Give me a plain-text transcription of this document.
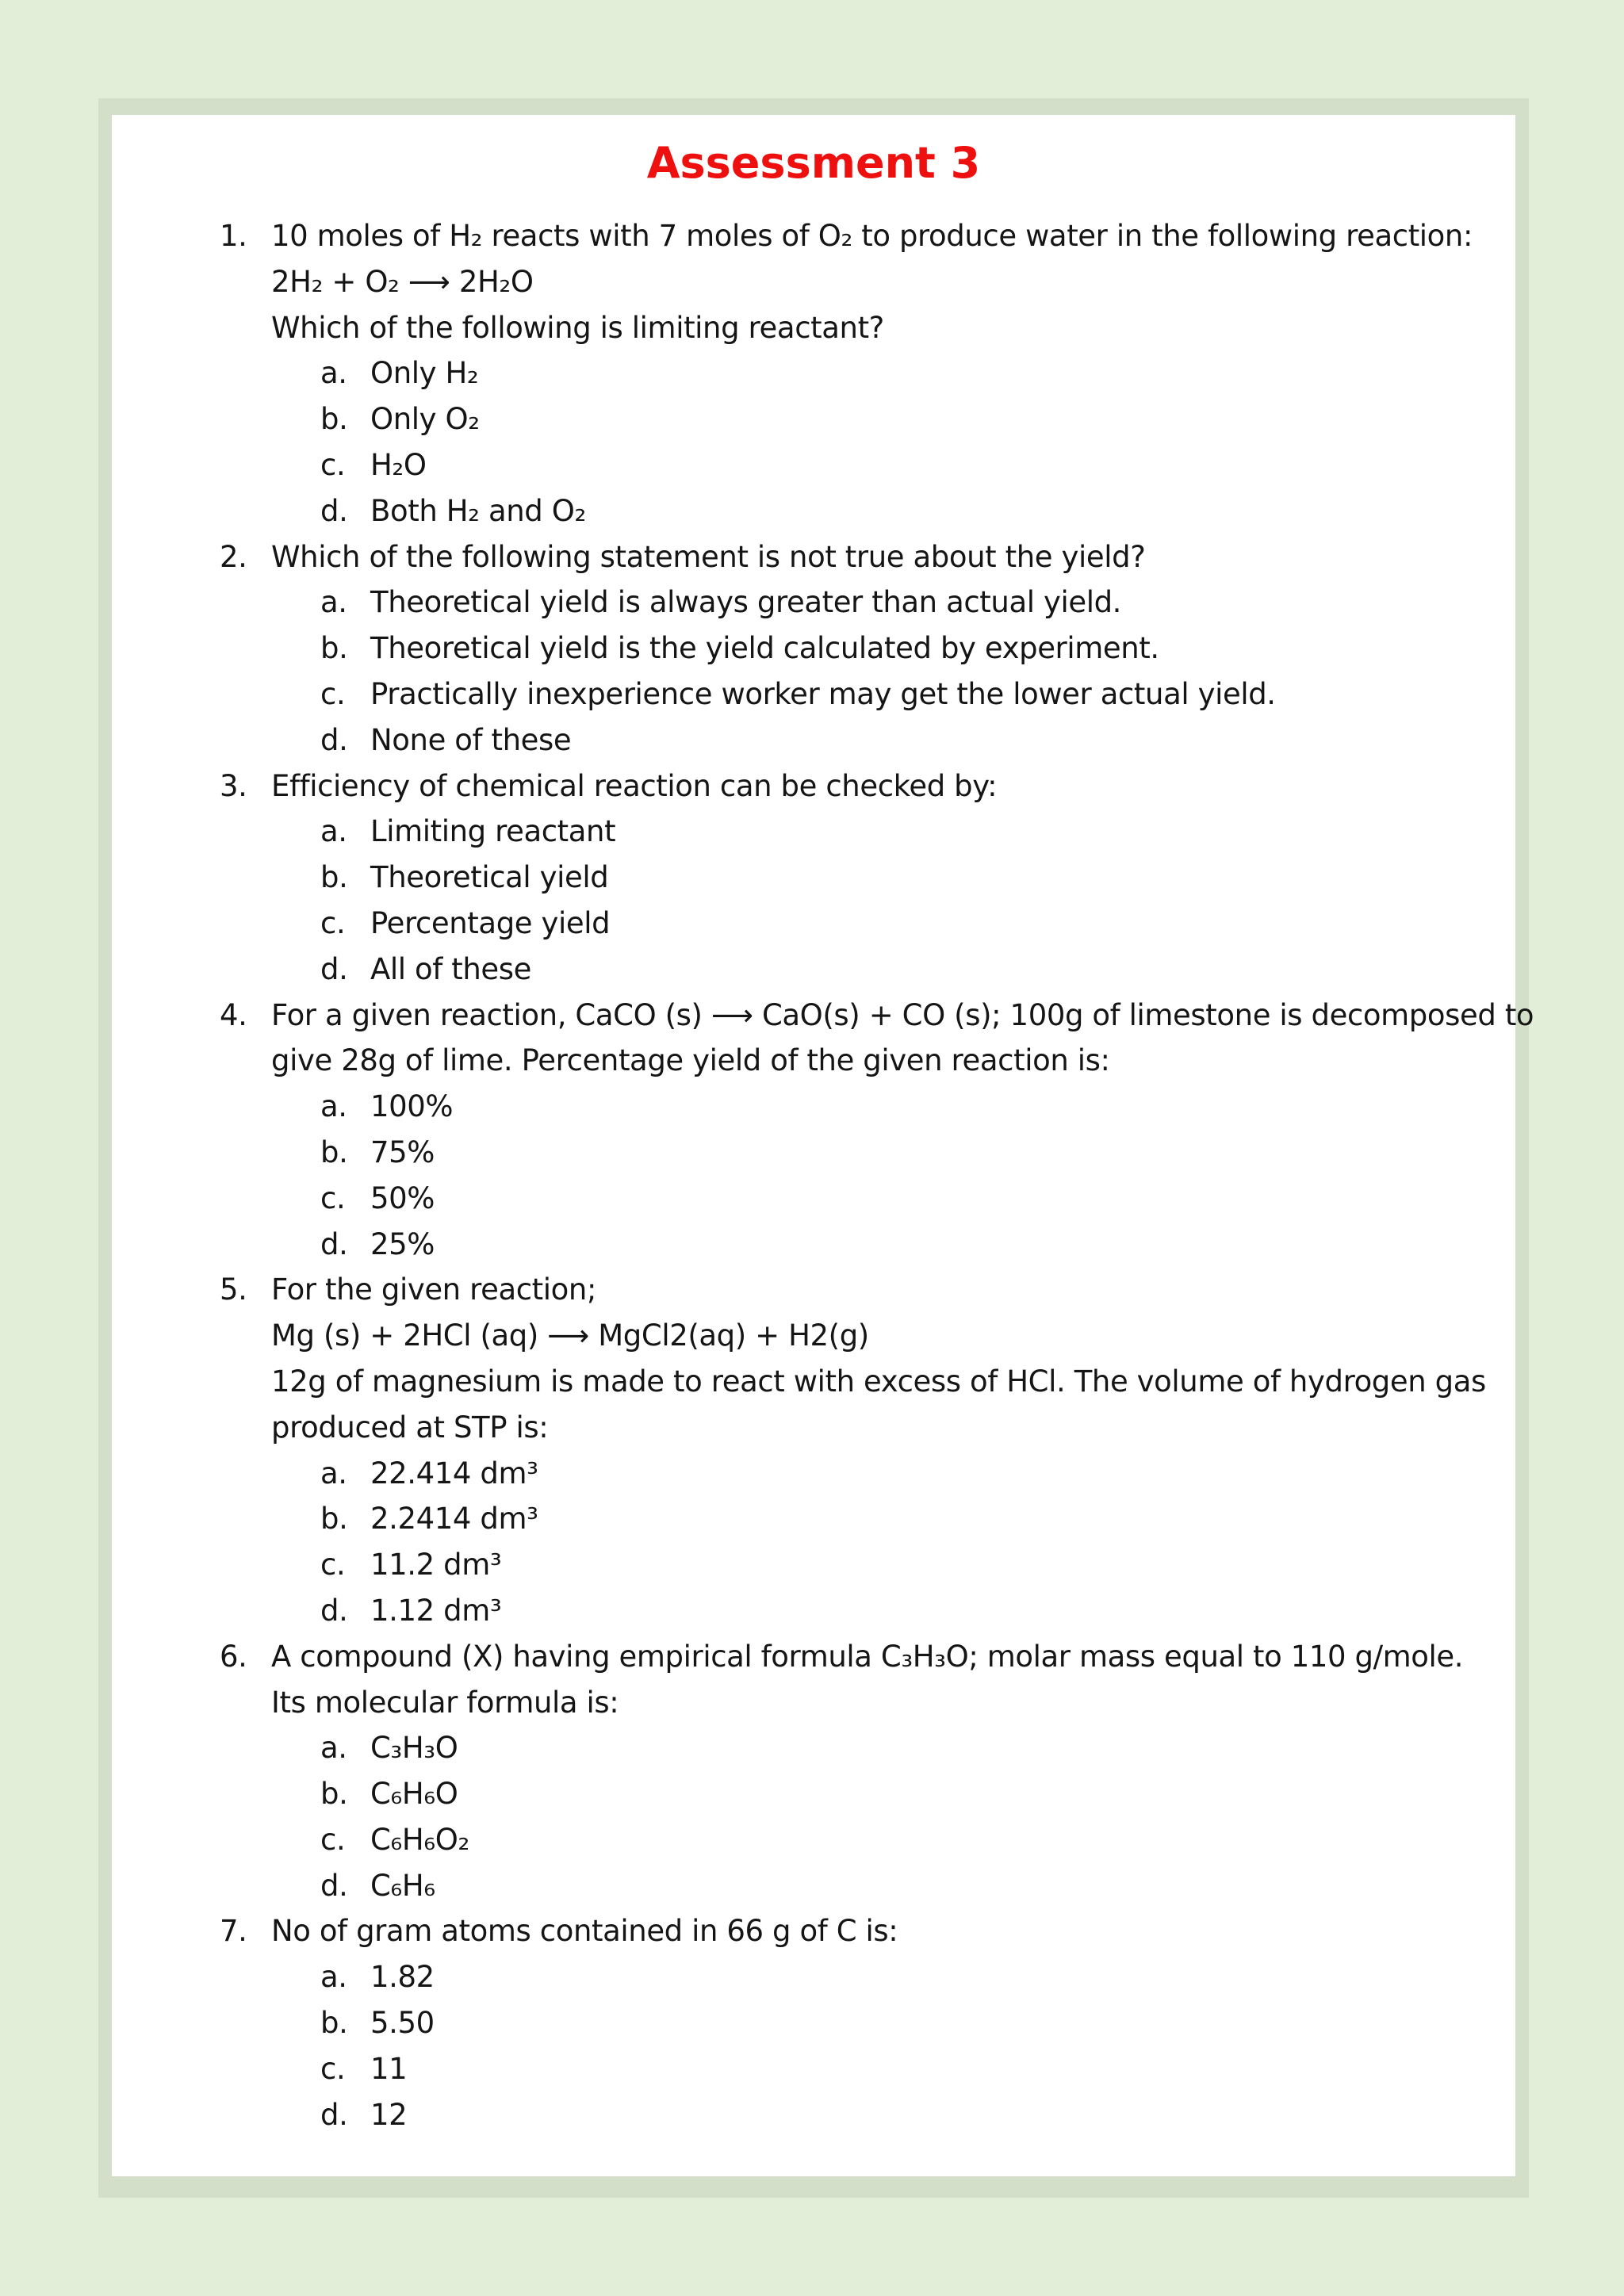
Assessment 3
1. 10 moles of H₂ reacts with 7 moles of O₂ to produce water in the following reaction:
2H₂ + O₂ ⟶ 2H₂O
Which of the following is limiting reactant?
a. Only H₂
b. Only O₂
c. H₂O
d. Both H₂ and O₂
2. Which of the following statement is not true about the yield?
a. Theoretical yield is always greater than actual yield.
b. Theoretical yield is the yield calculated by experiment.
c. Practically inexperience worker may get the lower actual yield.
d. None of these
3. Efficiency of chemical reaction can be checked by:
a. Limiting reactant
b. Theoretical yield
c. Percentage yield
d. All of these
4. For a given reaction, CaCO (s) ⟶ CaO(s) + CO (s); 100g of limestone is decomposed to
give 28g of lime. Percentage yield of the given reaction is:
a. 100%
b. 75%
c. 50%
d. 25%
5. For the given reaction;
Mg (s) + 2HCl (aq) ⟶ MgCl2(aq) + H2(g)
12g of magnesium is made to react with excess of HCl. The volume of hydrogen gas
produced at STP is:
a. 22.414 dm³
b. 2.2414 dm³
c. 11.2 dm³
d. 1.12 dm³
6. A compound (X) having empirical formula C₃H₃O; molar mass equal to 110 g/mole.
Its molecular formula is:
a. C₃H₃O
b. C₆H₆O
c. C₆H₆O₂
d. C₆H₆
7. No of gram atoms contained in 66 g of C is:
a. 1.82
b. 5.50
c. 11
d. 12
